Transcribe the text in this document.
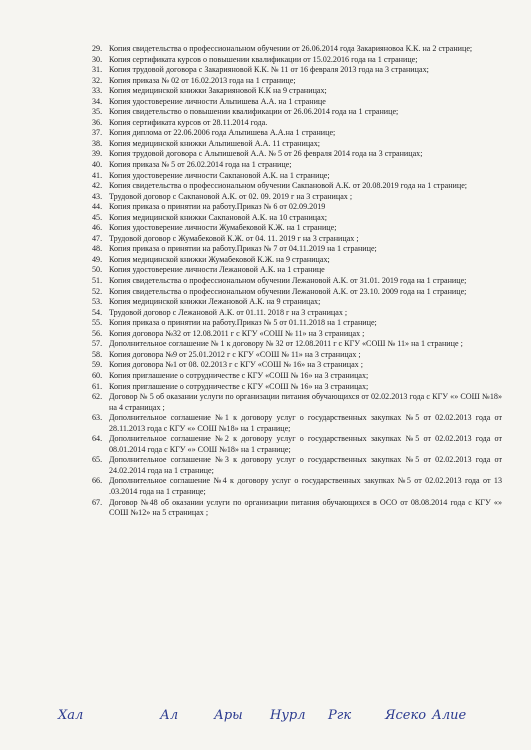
29. Копия свидетельства о профессиональном обучении от 26.06.2014 года Закарияновоа К.К. на 2 странице;
30. Копия сертификата курсов о повышении квалификации от 15.02.2016 года на 1 странице;
31. Копия трудовой договора с Закарияновой К.К. № 11 от 16 февраля 2013 года на 3 страницах;
32. Копия приказа № 02 от 16.02.2013 года на 1 странице;
33. Копия медицинской книжки Закарияновой К.К на 9 страницах;
34. Копия удостоверение личности Альпишева А.А. на 1 странице
35. Копия свидетельство о повышении квалификации от 26.06.2014 года на 1 странице;
36. Копия сертификата курсов от 28.11.2014 года.
37. Копия диплома от 22.06.2006 года Альпишева А.А.на 1 странице;
38. Копия медицинской книжки Альпишевой А.А. 11 страницах;
39. Копия трудовой договора с Альпишевой А.А. № 5 от 26 феврaля 2014 года на 3 страницах;
40. Копия приказа № 5 от 26.02.2014 года на 1 странице;
41. Копия удостоверение личности Сакпановой А.К. на 1 странице;
42. Копия свидетельства о профессиональном обучении Сакпановой А.К. от 20.08.2019 года на 1 странице;
43. Трудовой договор с Сакпановой А.К. от 02. 09. 2019 г на 3 страницах ;
44. Копия приказа о принятии на работу.Приказ № 6 от 02.09.2019
45. Копия медицинской книжки Сакпановой А.К. на 10 страницах;
46. Копия удостоверение личности Жумабековой К.Ж. на 1 странице;
47. Трудовой договор с Жумабековой К.Ж. от 04. 11. 2019 г на 3 страницах ;
48. Копия приказа о принятии на работу.Приказ № 7 от 04.11.2019 на 1 странице;
49. Копия медицинской книжки Жумабековой К.Ж. на 9 страницах;
50. Копия удостоверение личности Лежановой А.К. на 1 странице
51. Копия свидетельства о профессиональном обучении Лежановой А.К. от 31.01. 2019 года на 1 странице;
52. Копия свидетельства о профессиональном обучении Лежановой А.К. от 23.10. 2009 года на 1 странице;
53. Копия медицинской книжки Лежановой А.К. на 9 страницах;
54. Трудовой договор с Лежановой А.К. от 01.11. 2018 г на 3 страницах ;
55. Копия приказа о принятии на работу.Приказ № 5 от 01.11.2018 на 1 странице;
56. Копия договора №32 от 12.08.2011 г с КГУ «СОШ № 11» на 3 страницах ;
57. Дополнительное соглашение № 1 к договору № 32 от 12.08.2011 г с КГУ «СОШ № 11» на 1 странице ;
58. Копия договора №9 от 25.01.2012 г с КГУ «СОШ № 11» на 3 страницах ;
59. Копия договора №1 от 08. 02.2013 г с КГУ «СОШ № 16» на 3 страницах ;
60. Копия приглашение о сотрудничестве с КГУ «СОШ № 16» на 3 страницах;
61. Копия приглашение о сотрудничестве с КГУ «СОШ № 16» на 3 страницах;
62. Договор № 5 об оказании услуги по организации питания обучающихся от 02.02.2013 года с КГУ «» СОШ №18» на 4 страницах ;
63. Дополнительное соглашение №1 к договору услуг о государственных закупках №5 от 02.02.2013 года от 28.11.2013 года с КГУ «» СОШ №18» на 1 странице;
64. Дополнительное соглашение №2 к договору услуг о государственных закупках №5 от 02.02.2013 года от 08.01.2014 года с КГУ «» СОШ №18» на 1 странице;
65. Дополнительное соглашение №3 к договору услуг о государственных закупках №5 от 02.02.2013 года от 24.02.2014 года на 1 странице;
66. Дополнительное соглашение №4 к договору услуг о государственных закупках №5 от 02.02.2013 года от 13 .03.2014 года на 1 странице;
67. Договор №48 об оказании услуги по организации питания обучающихся в ОСО от 08.08.2014 года с КГУ «» СОШ №12» на 5 страницах ;
Хал	Ал	Ары Нурл Ргк	Ясеко Алие
